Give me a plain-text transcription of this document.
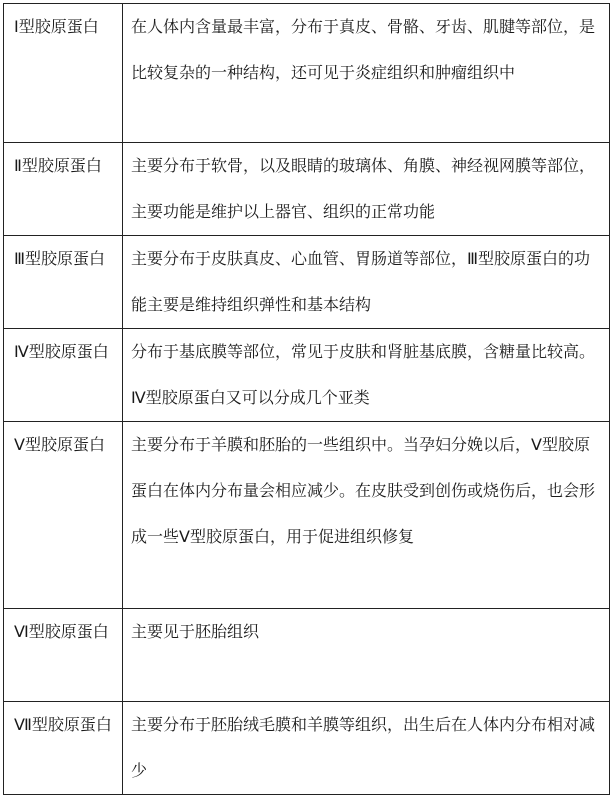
Ⅰ型胶原蛋白	在人体内含量最丰富，分布于真皮、骨骼、牙齿、肌腱等部位，是比较复杂的一种结构，还可见于炎症组织和肿瘤组织中
Ⅱ型胶原蛋白	主要分布于软骨，以及眼睛的玻璃体、角膜、神经视网膜等部位，主要功能是维护以上器官、组织的正常功能
Ⅲ型胶原蛋白	主要分布于皮肤真皮、心血管、胃肠道等部位，Ⅲ型胶原蛋白的功能主要是维持组织弹性和基本结构
Ⅳ型胶原蛋白	分布于基底膜等部位，常见于皮肤和肾脏基底膜，含糖量比较高。Ⅳ型胶原蛋白又可以分成几个亚类
Ⅴ型胶原蛋白	主要分布于羊膜和胚胎的一些组织中。当孕妇分娩以后，Ⅴ型胶原蛋白在体内分布量会相应减少。在皮肤受到创伤或烧伤后，也会形成一些Ⅴ型胶原蛋白，用于促进组织修复
Ⅵ型胶原蛋白	主要见于胚胎组织
Ⅶ型胶原蛋白	主要分布于胚胎绒毛膜和羊膜等组织，出生后在人体内分布相对减少
